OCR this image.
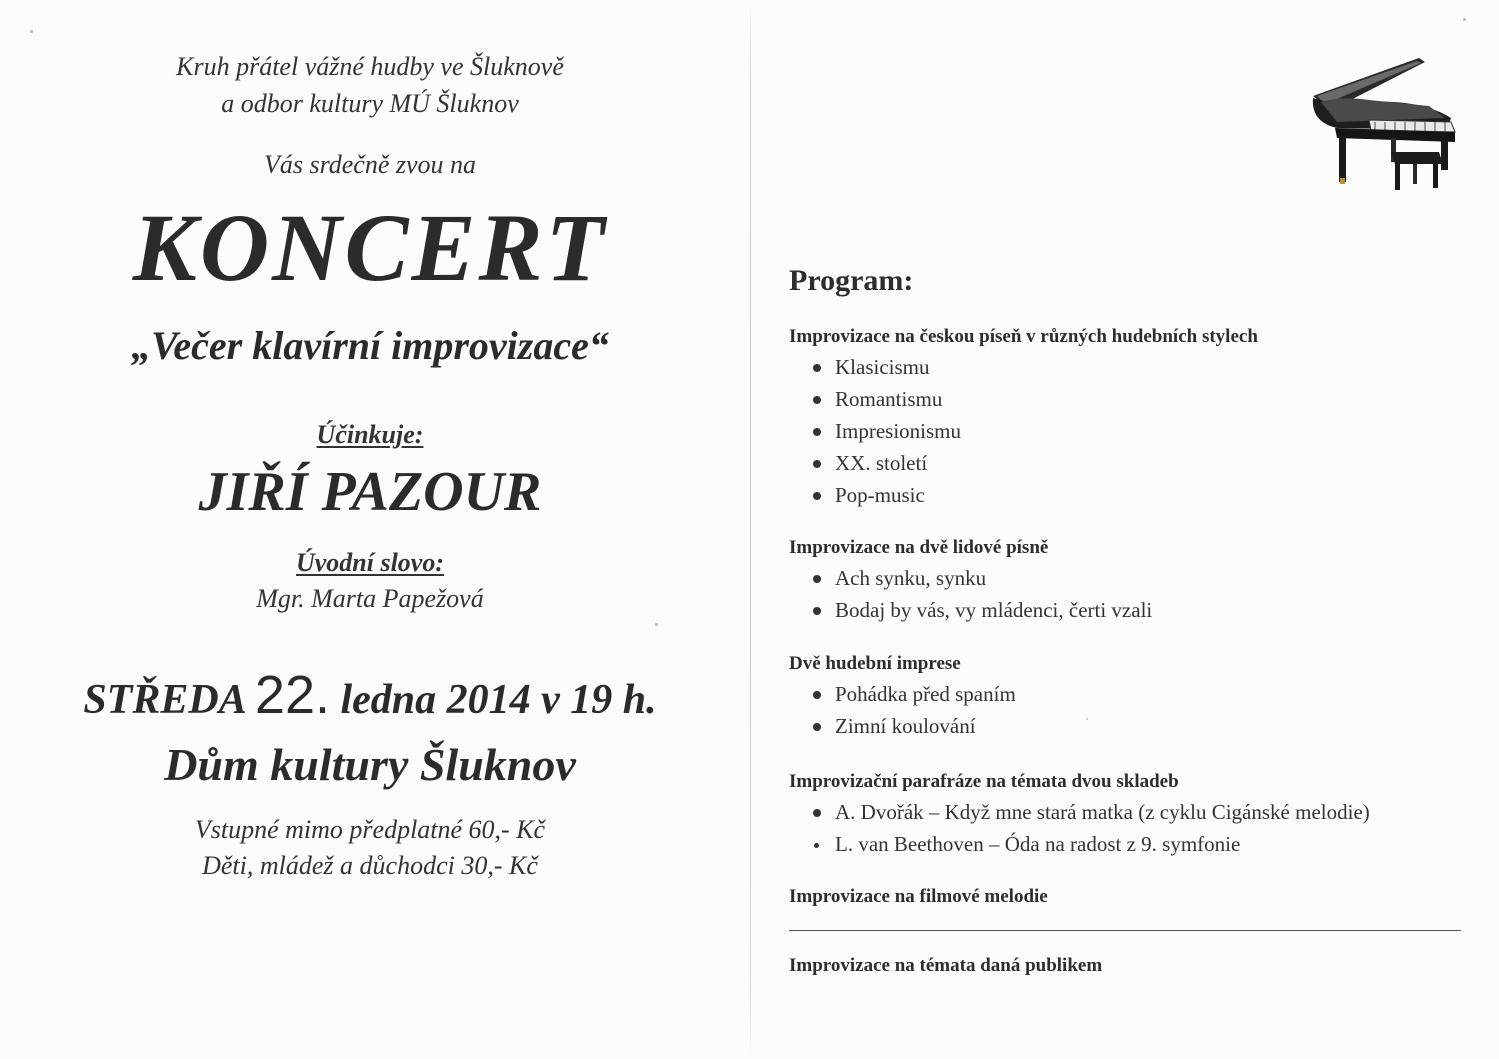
Kruh přátel vážné hudby ve Šluknově
a odbor kultury MÚ Šluknov
Vás srdečně zvou na
KONCERT
„Večer klavírní improvizace“
Účinkuje:
JIŘÍ PAZOUR
Úvodní slovo:
Mgr. Marta Papežová
STŘEDA 22. ledna 2014 v 19 h.
Dům kultury Šluknov
Vstupné mimo předplatné 60,- Kč
Děti, mládež a důchodci 30,- Kč
Program:
Improvizace na českou píseň v různých hudebních stylech
Klasicismu
Romantismu
Impresionismu
XX. století
Pop-music
Improvizace na dvě lidové písně
Ach synku, synku
Bodaj by vás, vy mládenci, čerti vzali
Dvě hudební imprese
Pohádka před spaním
Zimní koulování
Improvizační parafráze na témata dvou skladeb
A. Dvořák – Když mne stará matka (z cyklu Cigánské melodie)
L. van Beethoven – Óda na radost z 9. symfonie
Improvizace na filmové melodie
Improvizace na témata daná publikem
